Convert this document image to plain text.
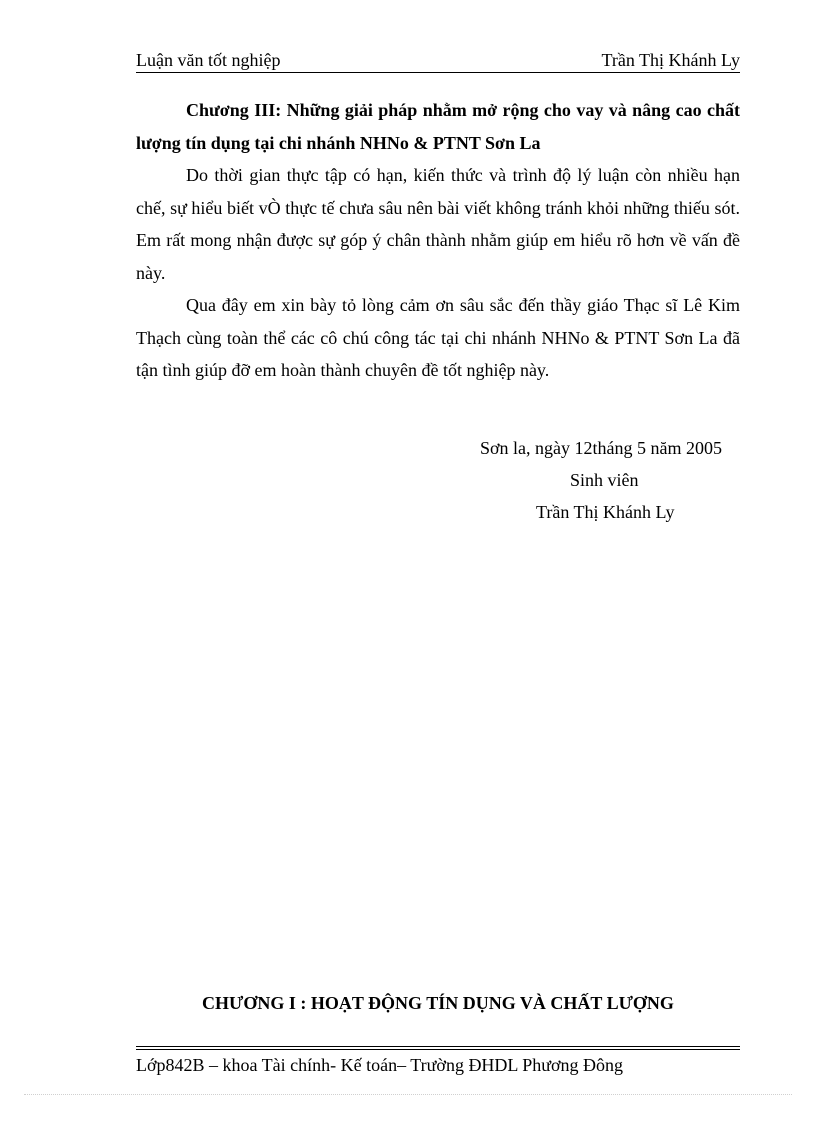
Luận văn tốt nghiệp	Trần Thị Khánh Ly

Chương III: Những giải pháp nhằm mở rộng cho vay và nâng cao chất lượng tín dụng tại chi nhánh NHNo & PTNT Sơn La

Do thời gian thực tập có hạn, kiến thức và trình độ lý luận còn nhiều hạn chế, sự hiểu biết vÒ thực tế chưa sâu nên bài viết không tránh khỏi những thiếu sót. Em rất mong nhận được sự góp ý chân thành nhằm giúp em hiểu rõ hơn về vấn đề này.

Qua đây em xin bày tỏ lòng cảm ơn sâu sắc đến thầy giáo Thạc sĩ Lê Kim Thạch cùng toàn thể các cô chú công tác tại chi nhánh NHNo & PTNT Sơn La đã tận tình giúp đỡ em hoàn thành chuyên đề tốt nghiệp này.

Sơn la, ngày 12tháng 5 năm 2005
Sinh viên
Trần Thị Khánh Ly
CHƯƠNG I : HOẠT ĐỘNG TÍN DỤNG VÀ CHẤT LƯỢNG
Lớp842B – khoa Tài chính- Kế toán– Trường ĐHDL Phương Đông
